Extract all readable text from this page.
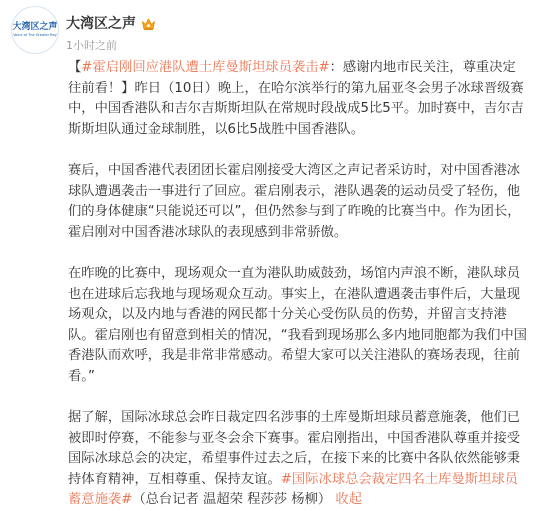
大湾区之声
Voice of The Greater Bay
大湾区之声
1小时之前

【#霍启刚回应港队遭土库曼斯坦球员袭击#：感谢内地市民关注，尊重决定往前看！】昨日（10日）晚上，在哈尔滨举行的第九届亚冬会男子冰球晋级赛中，中国香港队和吉尔吉斯斯坦队在常规时段战成5比5平。加时赛中，吉尔吉斯斯坦队通过金球制胜，以6比5战胜中国香港队。

赛后，中国香港代表团团长霍启刚接受大湾区之声记者采访时，对中国香港冰球队遭遇袭击一事进行了回应。霍启刚表示，港队遇袭的运动员受了轻伤，他们的身体健康“只能说还可以”，但仍然参与到了昨晚的比赛当中。作为团长，霍启刚对中国香港冰球队的表现感到非常骄傲。

在昨晚的比赛中，现场观众一直为港队助威鼓劲，场馆内声浪不断，港队球员也在进球后忘我地与现场观众互动。事实上，在港队遭遇袭击事件后，大量现场观众，以及内地与香港的网民都十分关心受伤队员的伤势，并留言支持港队。霍启刚也有留意到相关的情况，“我看到现场那么多内地同胞都为我们中国香港队而欢呼，我是非常非常感动。希望大家可以关注港队的赛场表现，往前看。”

据了解，国际冰球总会昨日裁定四名涉事的土库曼斯坦球员蓄意施袭，他们已被即时停赛，不能参与亚冬会余下赛事。霍启刚指出，中国香港队尊重并接受国际冰球总会的决定，希望事件过去之后，在接下来的比赛中各队依然能够秉持体育精神，互相尊重、保持友谊。#国际冰球总会裁定四名土库曼斯坦球员蓄意施袭#（总台记者 温超荣 程莎莎 杨柳） 收起
